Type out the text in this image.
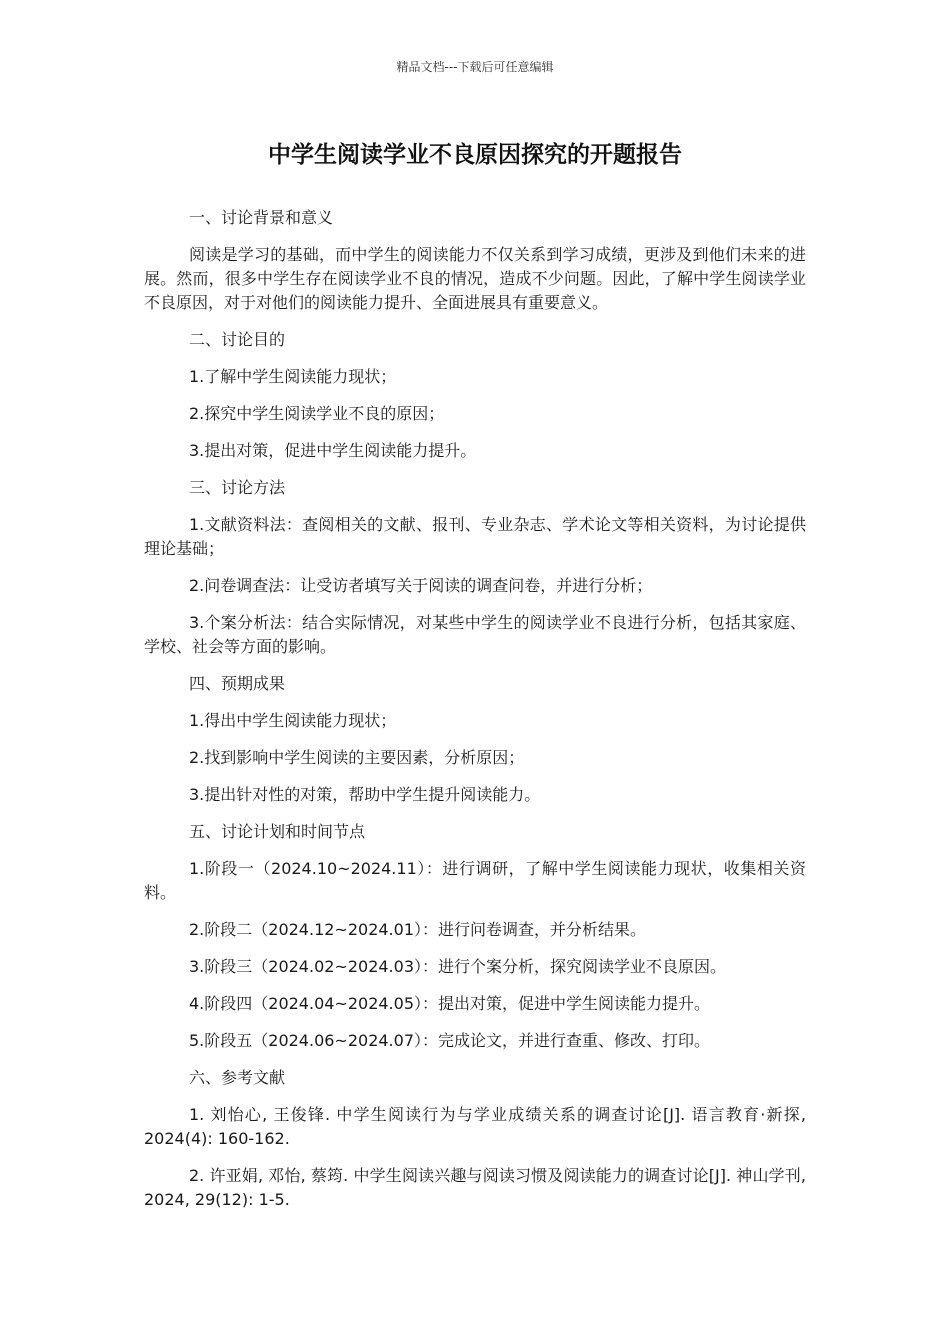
精品文档---下载后可任意编辑
中学生阅读学业不良原因探究的开题报告

一、讨论背景和意义

阅读是学习的基础，而中学生的阅读能力不仅关系到学习成绩，更涉及到他们未来的进展。然而，很多中学生存在阅读学业不良的情况，造成不少问题。因此，了解中学生阅读学业不良原因，对于对他们的阅读能力提升、全面进展具有重要意义。

二、讨论目的

1.了解中学生阅读能力现状；

2.探究中学生阅读学业不良的原因；

3.提出对策，促进中学生阅读能力提升。

三、讨论方法

1.文献资料法：查阅相关的文献、报刊、专业杂志、学术论文等相关资料，为讨论提供理论基础；

2.问卷调查法：让受访者填写关于阅读的调查问卷，并进行分析；

3.个案分析法：结合实际情况，对某些中学生的阅读学业不良进行分析，包括其家庭、学校、社会等方面的影响。

四、预期成果

1.得出中学生阅读能力现状；

2.找到影响中学生阅读的主要因素，分析原因；

3.提出针对性的对策，帮助中学生提升阅读能力。

五、讨论计划和时间节点

1.阶段一（2024.10~2024.11）：进行调研，了解中学生阅读能力现状，收集相关资料。

2.阶段二（2024.12~2024.01）：进行问卷调查，并分析结果。

3.阶段三（2024.02~2024.03）：进行个案分析，探究阅读学业不良原因。

4.阶段四（2024.04~2024.05）：提出对策，促进中学生阅读能力提升。

5.阶段五（2024.06~2024.07）：完成论文，并进行查重、修改、打印。

六、参考文献

1. 刘怡心, 王俊锋. 中学生阅读行为与学业成绩关系的调查讨论[J]. 语言教育·新探, 2024(4): 160-162.

2. 许亚娟, 邓怡, 蔡筠. 中学生阅读兴趣与阅读习惯及阅读能力的调查讨论[J]. 神山学刊, 2024, 29(12): 1-5.
